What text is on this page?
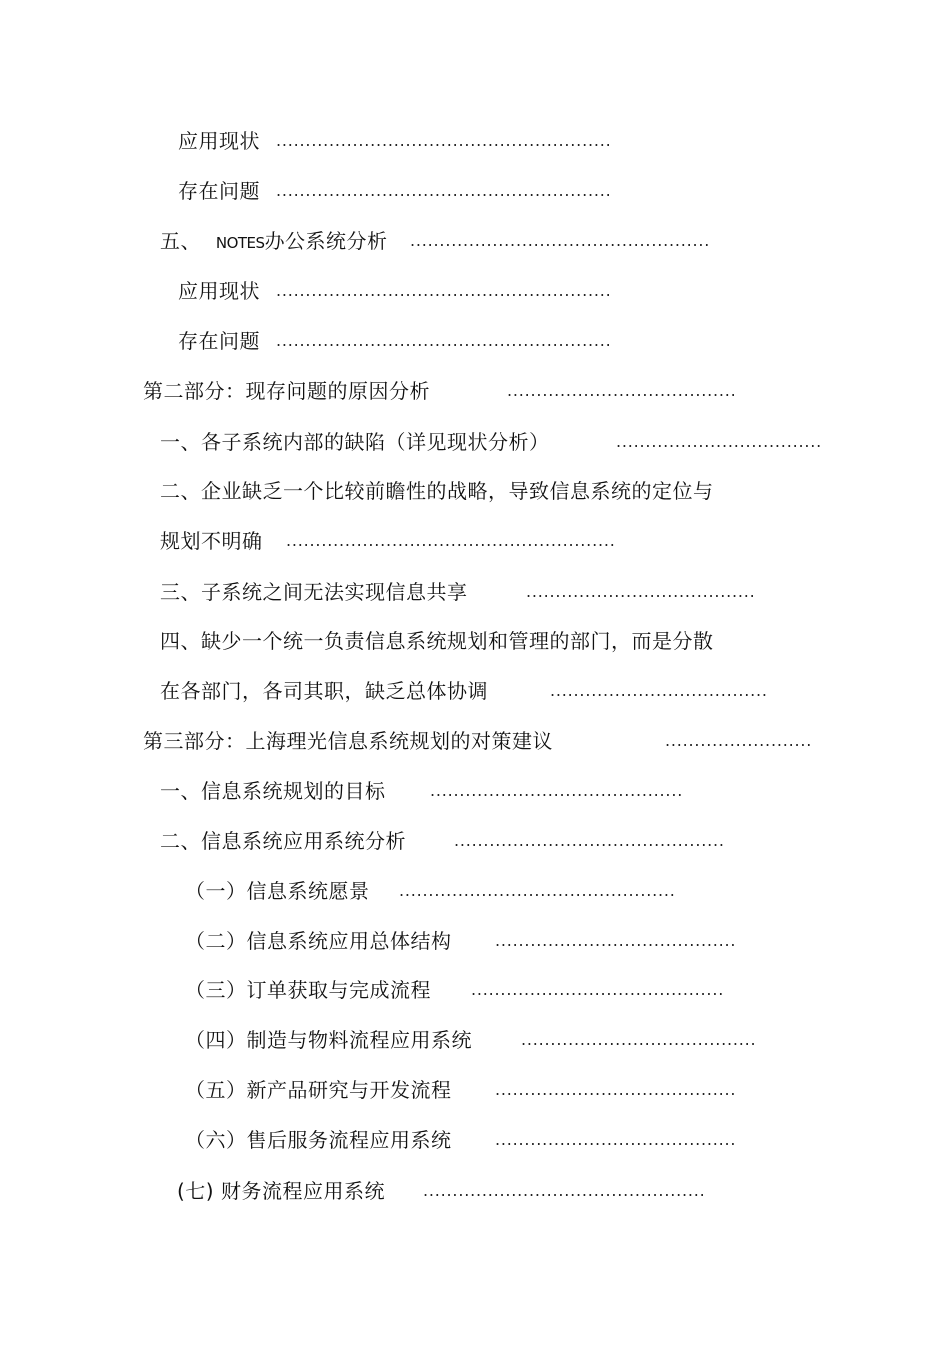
应用现状 .........................................................
存在问题 .........................................................
五、 NOTES办公系统分析 ...................................................
应用现状 .........................................................
存在问题 .........................................................
第二部分：现存问题的原因分析	.......................................
一、各子系统内部的缺陷（详见现状分析）	...................................
二、企业缺乏一个比较前瞻性的战略，导致信息系统的定位与
规划不明确 ........................................................
三、子系统之间无法实现信息共享	.......................................
四、缺少一个统一负责信息系统规划和管理的部门，而是分散
在各部门，各司其职，缺乏总体协调	.....................................
第三部分：上海理光信息系统规划的对策建议	.........................
一、信息系统规划的目标	...........................................
二、信息系统应用系统分析	..............................................
（一）信息系统愿景 ...............................................
（二）信息系统应用总体结构	.........................................
（三）订单获取与完成流程	...........................................
（四）制造与物料流程应用系统	........................................
（五）新产品研究与开发流程	.........................................
（六）售后服务流程应用系统	.........................................
(七) 财务流程应用系统 ................................................
